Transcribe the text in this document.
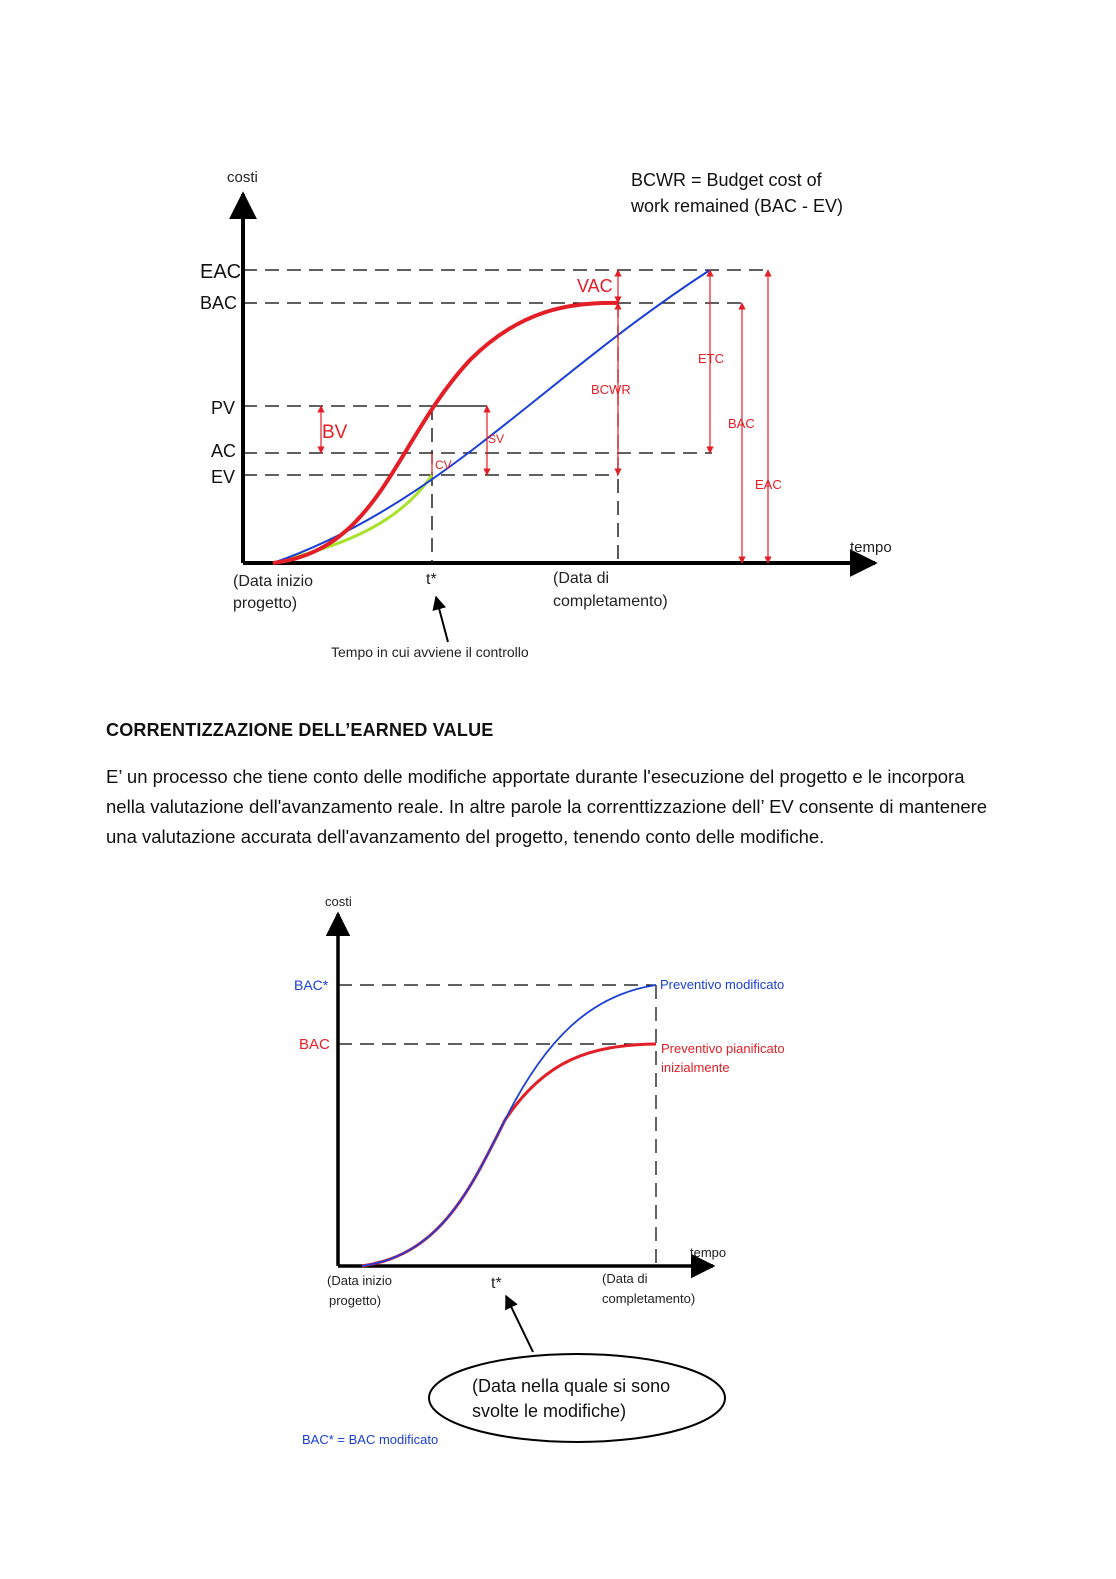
costi
tempo
BCWR = Budget cost of
work remained (BAC - EV)
EAC
BAC
PV
AC
EV
VAC
BV	SV
CV
BCWR
ETC
BAC
EAC
(Data inizio
progetto)
t*	(Data di
completamento)
Tempo in cui avviene il controllo
CORRENTIZZAZIONE DELL’EARNED VALUE

E’ un processo che tiene conto delle modifiche apportate durante l'esecuzione del progetto e le incorpora nella valutazione dell'avanzamento reale. In altre parole la correnttizzazione dell’ EV consente di mantenere una valutazione accurata dell'avanzamento del progetto, tenendo conto delle modifiche.

costi
tempo
BAC*
BAC
Preventivo modificato
Preventivo pianificato
inizialmente
(Data inizio
progetto)
t*	(Data di
completamento)
(Data nella quale si sono
svolte le modifiche)
BAC* = BAC modificato
